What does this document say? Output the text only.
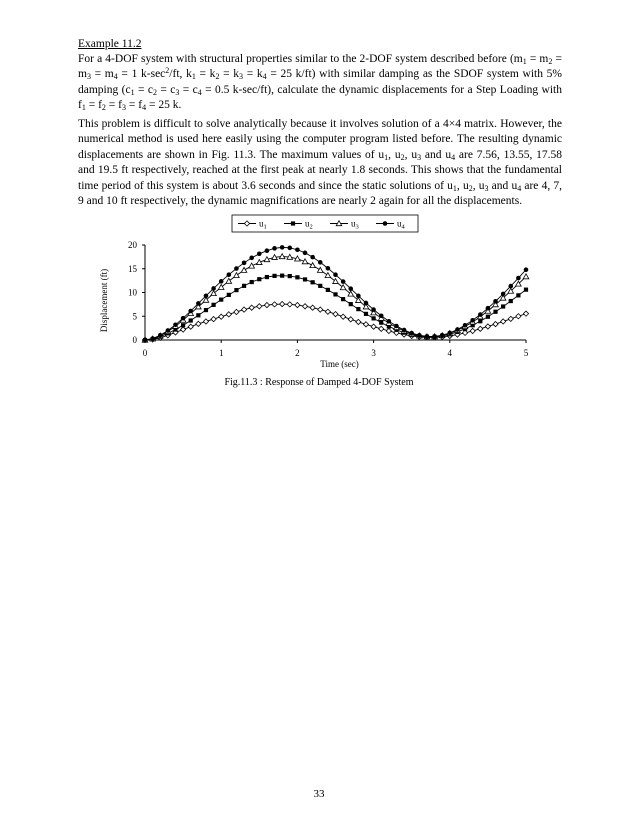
Example 11.2

For a 4-DOF system with structural properties similar to the 2-DOF system described before ($m_1 = m_2 = m_3 = m_4 = 1$ $k-\sec^2/ft$, $k_1 = k_2 = k_3 = k_4 = 25$ k/ft) with similar damping as the SDOF system with 5% damping ($c_1 = c_2 = c_3 = c_4 = 0.5$ k-sec/ft), calculate the dynamic displacements for a Step Loading with $f_1 = f_2 = f_3 = f_4 = 25$ k.

This problem is difficult to solve analytically because it involves solution of a 4×4 matrix. However, the numerical method is used here easily using the computer program listed before. The resulting dynamic displacements are shown in Fig. 11.3. The maximum values of $u_1$, $u_2$, $u_3$ and $u_4$ are 7.56, 13.55, 17.58 and 19.5 ft respectively, reached at the first peak at nearly 1.8 seconds. This shows that the fundamental time period of this system is about 3.6 seconds and since the static solutions of $u_1$, $u_2$, $u_3$ and $u_4$ are 4, 7, 9 and 10 ft respectively, the dynamic magnifications are nearly 2 again for all the displacements.

0	1	2	3	4	5
0
5
10
15
20
Time (sec)
Displacement (ft)
$u_1$	$u_2$	$u_3$	$u_4$
Fig.11.3 : Response of Damped 4-DOF System
33
